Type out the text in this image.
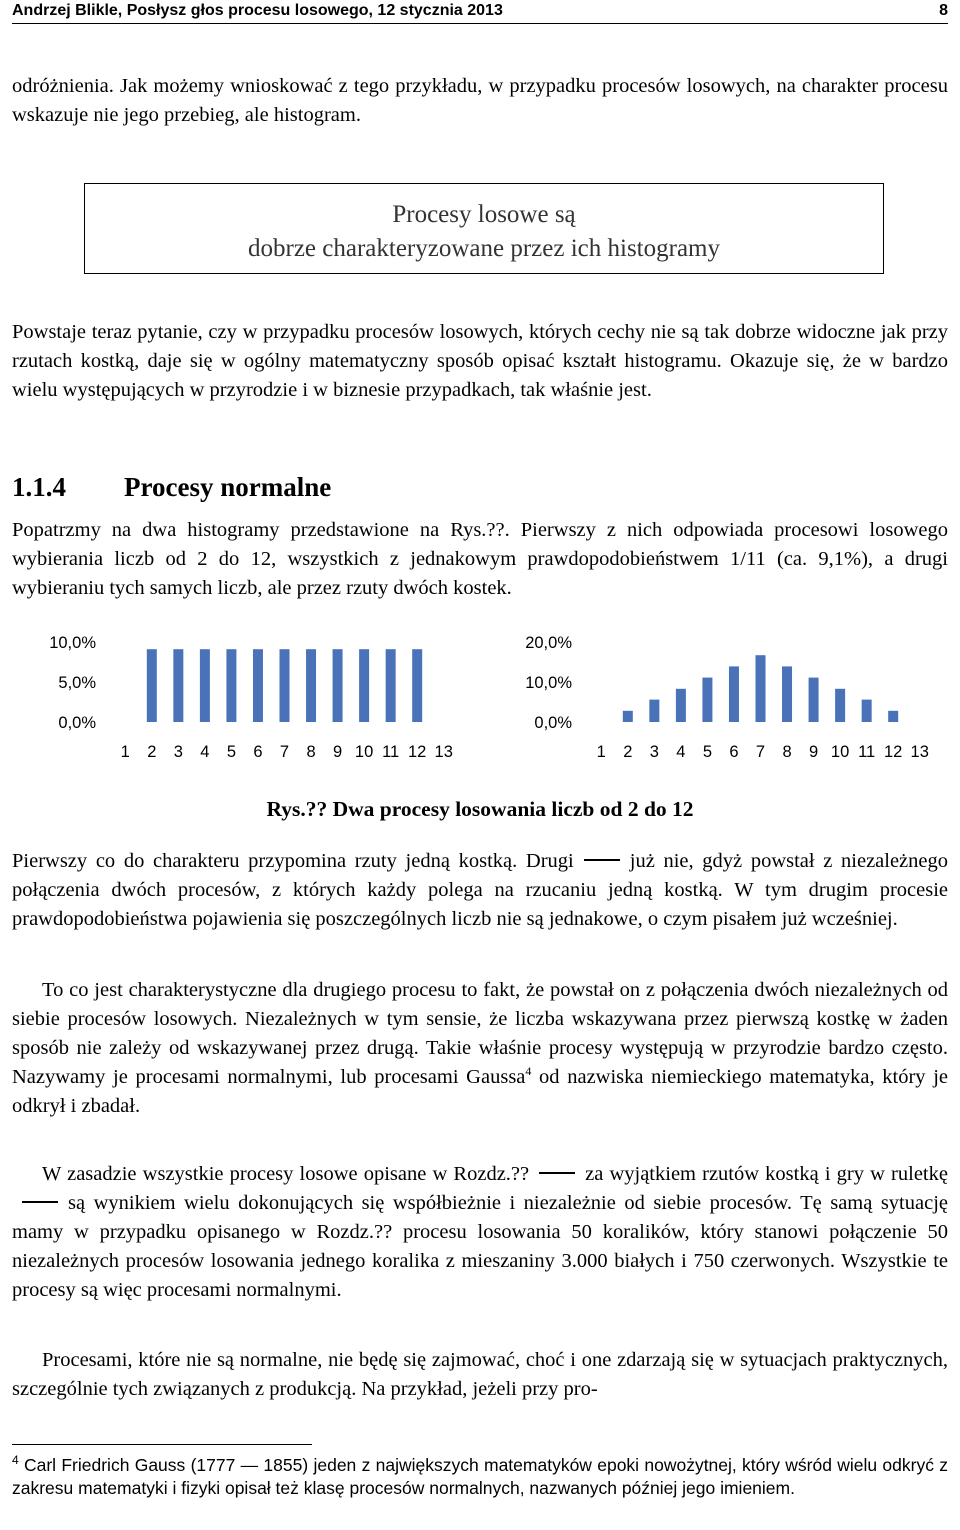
Andrzej Blikle, Posłysz głos procesu losowego, 12 stycznia 2013	8
odróżnienia. Jak możemy wnioskować z tego przykładu, w przypadku procesów losowych, na charakter procesu wskazuje nie jego przebieg, ale histogram.
Procesy losowe są
dobrze charakteryzowane przez ich histogramy
Powstaje teraz pytanie, czy w przypadku procesów losowych, których cechy nie są tak dobrze widoczne jak przy rzutach kostką, daje się w ogólny matematyczny sposób opisać kształt histogramu. Okazuje się, że w bardzo wielu występujących w przyrodzie i w biznesie przypadkach, tak właśnie jest.
1.1.4 Procesy normalne
Popatrzmy na dwa histogramy przedstawione na Rys.??. Pierwszy z nich odpowiada procesowi losowego wybierania liczb od 2 do 12, wszystkich z jednakowym prawdopodobieństwem 1/11 (ca. 9,1%), a drugi wybieraniu tych samych liczb, ale przez rzuty dwóch kostek.
0,0%
5,0%
10,0%
1 2 3 4 5 6 7 8 9 10 11 12 13
0,0%
10,0%
20,0%
1 2 3 4 5 6 7 8 9 10 11 12 13
Rys.?? Dwa procesy losowania liczb od 2 do 12
Pierwszy co do charakteru przypomina rzuty jedną kostką. Drugi	już nie, gdyż powstał z niezależnego połączenia dwóch procesów, z których każdy polega na rzucaniu jedną kostką. W tym drugim procesie prawdopodobieństwa pojawienia się poszczególnych liczb nie są jednakowe, o czym pisałem już wcześniej.
To co jest charakterystyczne dla drugiego procesu to fakt, że powstał on z połączenia dwóch niezależnych od siebie procesów losowych. Niezależnych w tym sensie, że liczba wskazywana przez pierwszą kostkę w żaden sposób nie zależy od wskazywanej przez drugą. Takie właśnie procesy występują w przyrodzie bardzo często. Nazywamy je procesami normalnymi, lub procesami Gaussa$^4$ od nazwiska niemieckiego matematyka, który je odkrył i zbadał.
W zasadzie wszystkie procesy losowe opisane w Rozdz.??	za wyjątkiem rzutów kostką i gry w ruletkęsą wynikiem wielu dokonujących się współbieżnie i niezależnie od siebie procesów. Tę samą sytuację mamy w przypadku opisanego w Rozdz.?? procesu losowania 50 koralików, który stanowi połączenie 50 niezależnych procesów losowania jednego koralika z mieszaniny 3.000 białych i 750 czerwonych. Wszystkie te procesy są więc procesami normalnymi.
Procesami, które nie są normalne, nie będę się zajmować, choć i one zdarzają się w sytuacjach praktycznych, szczególnie tych związanych z produkcją. Na przykład, jeżeli przy pro-
$^4$ Carl Friedrich Gauss (1777 — 1855) jeden z największych matematyków epoki nowożytnej, który wśród wielu odkryć z zakresu matematyki i fizyki opisał też klasę procesów normalnych, nazwanych później jego imieniem.
